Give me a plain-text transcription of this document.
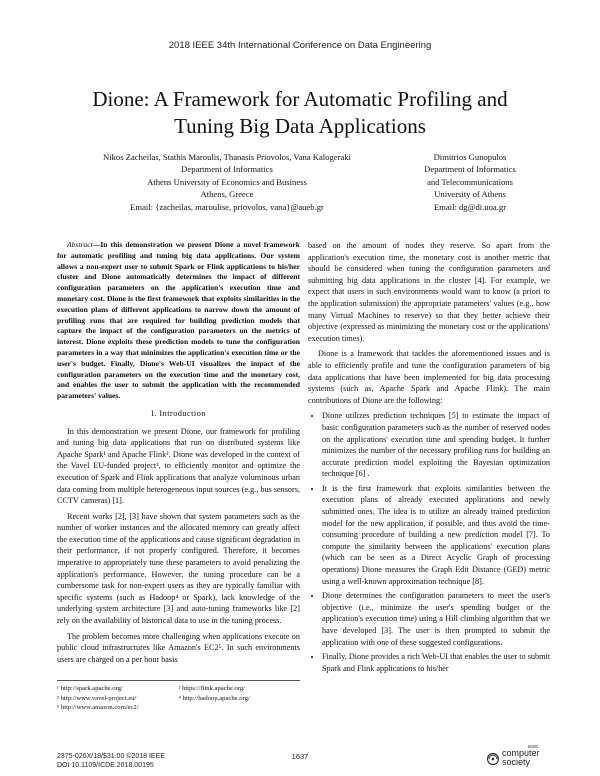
2018 IEEE 34th International Conference on Data Engineering
Dione: A Framework for Automatic Profiling and
Tuning Big Data Applications
Nikos Zacheilas, Stathis Maroulis, Thanasis Priovolos, Vana Kalogeraki
Department of Informatics
Athens University of Economics and Business
Athens, Greece
Email: {zacheilas, maroulise, priovolos, vana}@aueb.gr
Dimitrios Gunopulos
Department of Informatics
and Telecommunications
University of Athens
Email: dg@di.uoa.gr

Abstract—In this demonstration we present Dione a novel framework for automatic profiling and tuning big data applications. Our system allows a non-expert user to submit Spark or Flink applications to his/her cluster and Dione automatically determines the impact of different configuration parameters on the application's execution time and monetary cost. Dione is the first framework that exploits similarities in the execution plans of different applications to narrow down the amount of profiling runs that are required for building prediction models that capture the impact of the configuration parameters on the metrics of interest. Dione exploits these prediction models to tune the configuration parameters in a way that minimizes the application's execution time or the user's budget. Finally, Dione's Web-UI visualizes the impact of the configuration parameters on the execution time and the monetary cost, and enables the user to submit the application with the recommended parameters' values.

I. Introduction

In this demonstration we present Dione, our framework for profiling and tuning big data applications that run on distributed systems like Apache Spark¹ and Apache Flink². Dione was developed in the context of the Vavel EU-funded project³, to efficiently monitor and optimize the execution of Spark and Flink applications that analyze voluminous urban data coming from multiple heterogeneous input sources (e.g., bus sensors, CCTV cameras) [1].

Recent works [2], [3] have shown that system parameters such as the number of worker instances and the allocated memory can greatly affect the execution time of the applications and cause significant degradation in their performance, if not properly configured. Therefore, it becomes imperative to appropriately tune these parameters to avoid penalizing the application's performance. However, the tuning procedure can be a cumbersome task for non-expert users as they are typically familiar with specific systems (such as Hadoop⁴ or Spark), lack knowledge of the underlying system architecture [3] and auto-tuning frameworks like [2] rely on the availability of historical data to use in the tuning process.

The problem becomes more challenging when applications execute on public cloud infrastructures like Amazon's EC2⁵. In such environments users are charged on a per hour basis

based on the amount of nodes they reserve. So apart from the application's execution time, the monetary cost is another metric that should be considered when tuning the configuration parameters and submitting big data applications in the cluster [4]. For example, we expect that users in such environments would want to know (a priori to the application submission) the appropriate parameters' values (e.g., how many Virtual Machines to reserve) so that they better achieve their objective (expressed as minimizing the monetary cost or the applications' execution times).

Dione is a framework that tackles the aforementioned issues and is able to efficiently profile and tune the configuration parameters of big data applications that have been implemented for big data processing systems (such as, Apache Spark and Apache Flink). The main contributions of Dione are the following:

• Dione utilizes prediction techniques [5] to estimate the impact of basic configuration parameters such as the number of reserved nodes on the applications' execution time and spending budget. It further minimizes the number of the necessary profiling runs for building an accurate prediction model exploiting the Bayesian optimization technique [6] .
• It is the first framework that exploits similarities between the execution plans of already executed applications and newly submitted ones. The idea is to utilize an already trained prediction model for the new application, if possible, and thus avoid the time-consuming procedure of building a new prediction model [7]. To compute the similarity between the applications' execution plans (which can be seen as a Direct Acyclic Graph of processing operations) Dione measures the Graph Edit Distance (GED) metric using a well-known approximation technique [8].
• Dione determines the configuration parameters to meet the user's objective (i.e., minimize the user's spending budget or the application's execution time) using a Hill climbing algorithm that we have developed [3]. The user is then prompted to submit the application with one of these suggested configurations.
• Finally, Dione provides a rich Web-UI that enables the user to submit Spark and Flink applications to his/her
¹ http://spark.apache.org/	² https://flink.apache.org/
³ http://www.vavel-project.eu/	⁴ http://hadoop.apache.org/
⁵ http://www.amazon.com/ec2/
2375-026X/18/$31.00 ©2018 IEEE
DOI 10.1109/ICDE.2018.00195
1637
IEEE
computer
society
